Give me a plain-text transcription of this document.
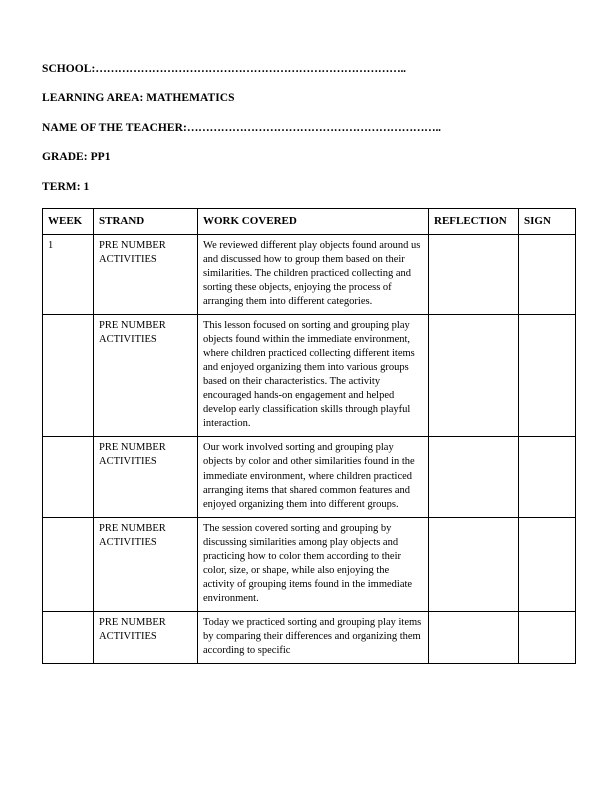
SCHOOL:………………………………………………………………………..
LEARNING AREA: MATHEMATICS
NAME OF THE TEACHER:…………………………………………………………..
GRADE: PP1
TERM: 1
WEEK	STRAND	WORK COVERED	REFLECTION	SIGN
1	PRE NUMBER ACTIVITIES	We reviewed different play objects found around us and discussed how to group them based on their similarities. The children practiced collecting and sorting these objects, enjoying the process of arranging them into different categories.		
	PRE NUMBER ACTIVITIES	This lesson focused on sorting and grouping play objects found within the immediate environment, where children practiced collecting different items and enjoyed organizing them into various groups based on their characteristics. The activity encouraged hands-on engagement and helped develop early classification skills through playful interaction.		
	PRE NUMBER ACTIVITIES	Our work involved sorting and grouping play objects by color and other similarities found in the immediate environment, where children practiced arranging items that shared common features and enjoyed organizing them into different groups.		
	PRE NUMBER ACTIVITIES	The session covered sorting and grouping by discussing similarities among play objects and practicing how to color them according to their color, size, or shape, while also enjoying the activity of grouping items found in the immediate environment.		
	PRE NUMBER ACTIVITIES	Today we practiced sorting and grouping play items by comparing their differences and organizing them according to specific		
